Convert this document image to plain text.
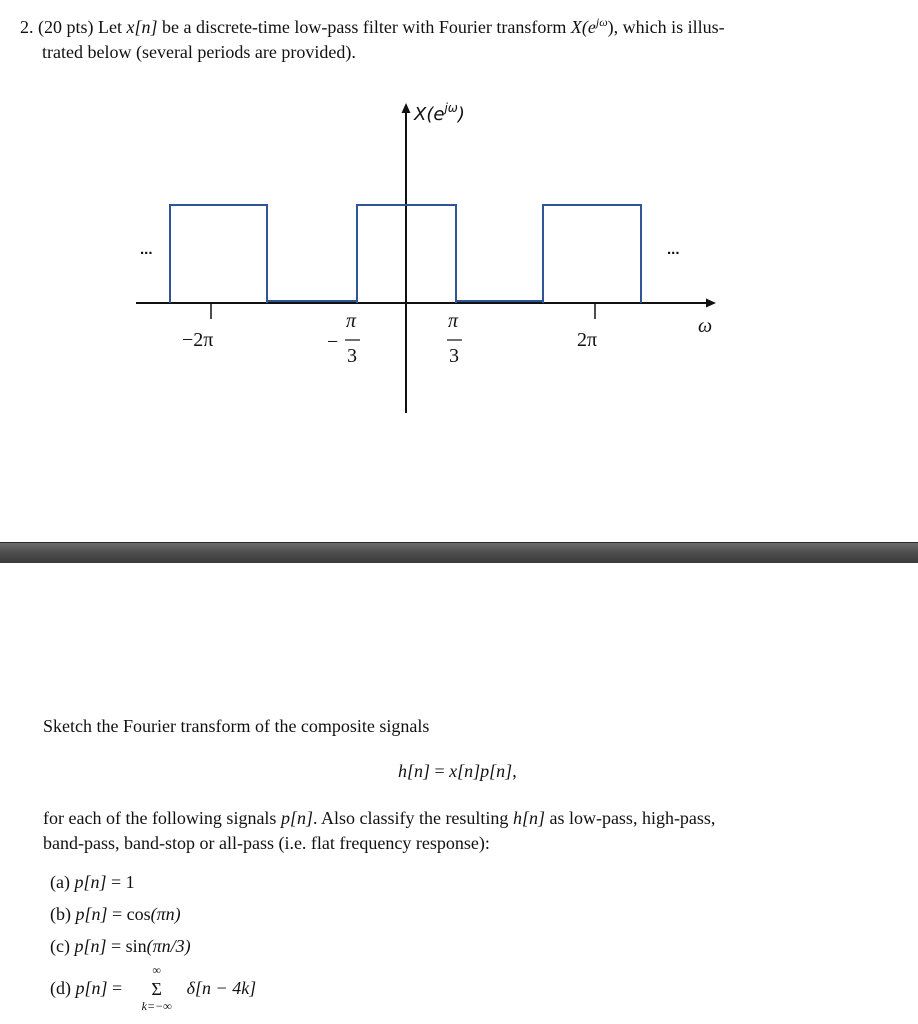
2. (20 pts) Let x[n] be a discrete-time low-pass filter with Fourier transform $X(e^{j\omega})$, which is illus-
trated below (several periods are provided).
...	...
$X(e^{j\omega})$
ω
−2π	2π
−
π
3
π
3
Sketch the Fourier transform of the composite signals
h[n] = x[n]p[n],
for each of the following signals p[n]. Also classify the resulting h[n] as low-pass, high-pass,
band-pass, band-stop or all-pass (i.e. flat frequency response):
(a) p[n] = 1
(b) p[n] = cos(πn)
(c) p[n] = sin(πn/3)
(d) p[n] =
∞
Σ
k=−∞
δ[n − 4k]
